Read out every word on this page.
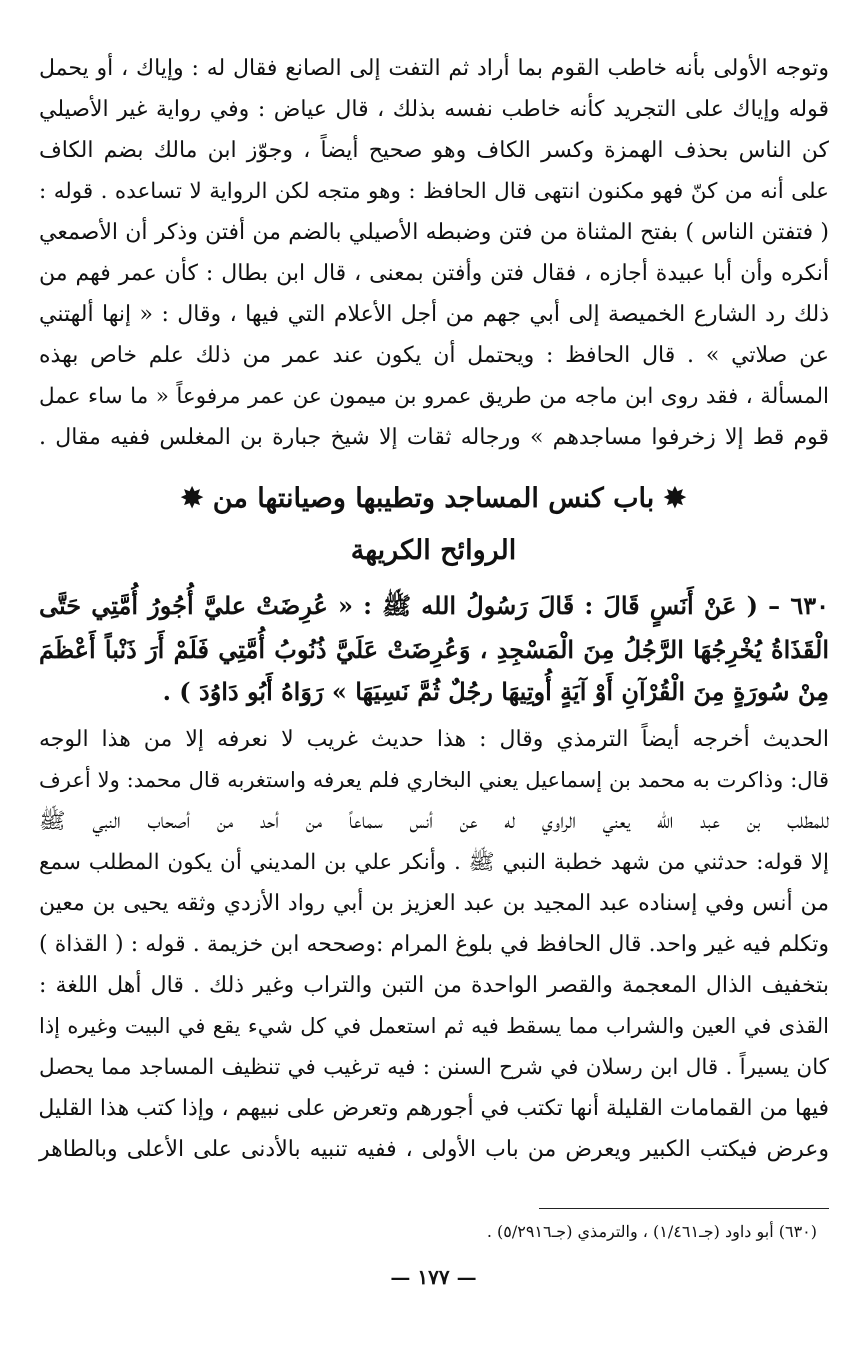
وتوجه الأولى بأنه خاطب القوم بما أراد ثم التفت إلى الصانع فقال له : وإياك ، أو يحمل
قوله وإياك على التجريد كأنه خاطب نفسه بذلك ، قال عياض : وفي رواية غير الأصيلي
كن الناس بحذف الهمزة وكسر الكاف وهو صحيح أيضاً ، وجوّز ابن مالك بضم الكاف
على أنه من كنّ فهو مكنون انتهى قال الحافظ : وهو متجه لكن الرواية لا تساعده . قوله :
( فتفتن الناس ) بفتح المثناة من فتن وضبطه الأصيلي بالضم من أفتن وذكر أن الأصمعي
أنكره وأن أبا عبيدة أجازه ، فقال فتن وأفتن بمعنى ، قال ابن بطال : كأن عمر فهم من
ذلك رد الشارع الخميصة إلى أبي جهم من أجل الأعلام التي فيها ، وقال : « إنها ألهتني
عن صلاتي » . قال الحافظ : ويحتمل أن يكون عند عمر من ذلك علم خاص بهذه
المسألة ، فقد روى ابن ماجه من طريق عمرو بن ميمون عن عمر مرفوعاً « ما ساء عمل
قوم قط إلا زخرفوا مساجدهم » ورجاله ثقات إلا شيخ جبارة بن المغلس ففيه مقال .
✸ باب كنس المساجد وتطيبها وصيانتها من ✸
الروائح الكريهة
٦٣٠ – ( عَنْ أَنَسٍ قَالَ : قَالَ رَسُولُ الله ﷺ : « عُرِضَتْ عليَّ أُجُورُ أُمَّتِي حَتَّى
الْقَذَاةُ يُخْرِجُهَا الرَّجُلُ مِنَ الْمَسْجِدِ ، وَعُرِضَتْ عَلَيَّ ذُنُوبُ أُمَّتِي فَلَمْ أَرَ ذَنْباً أَعْظَمَ
مِنْ سُورَةٍ مِنَ الْقُرْآنِ أَوْ آيَةٍ أُوتِيهَا رجُلٌ ثُمَّ نَسِيَهَا » رَوَاهُ أَبُو دَاوُدَ ) .
الحديث أخرجه أيضاً الترمذي وقال : هذا حديث غريب لا نعرفه إلا من هذا الوجه
قال: وذاكرت به محمد بن إسماعيل يعني البخاري فلم يعرفه واستغربه قال محمد: ولا أعرف
للمطلب بن عبد الله يعني الراوي له عن أنس سماعاً من أحد من أصحاب النبي ﷺ
إلا قوله: حدثني من شهد خطبة النبي ﷺ . وأنكر علي بن المديني أن يكون المطلب سمع
من أنس وفي إسناده عبد المجيد بن عبد العزيز بن أبي رواد الأزدي وثقه يحيى بن معين
وتكلم فيه غير واحد. قال الحافظ في بلوغ المرام :وصححه ابن خزيمة . قوله : ( القذاة )
بتخفيف الذال المعجمة والقصر الواحدة من التبن والتراب وغير ذلك . قال أهل اللغة :
القذى في العين والشراب مما يسقط فيه ثم استعمل في كل شيء يقع في البيت وغيره إذا
كان يسيراً . قال ابن رسلان في شرح السنن : فيه ترغيب في تنظيف المساجد مما يحصل
فيها من القمامات القليلة أنها تكتب في أجورهم وتعرض على نبيهم ، وإذا كتب هذا القليل
وعرض فيكتب الكبير ويعرض من باب الأولى ، ففيه تنبيه بالأدنى على الأعلى وبالطاهر
(٦٣٠) أبو داود (جـ١/٤٦١) ، والترمذي (جـ٥/٢٩١٦) .
— ١٧٧ —
